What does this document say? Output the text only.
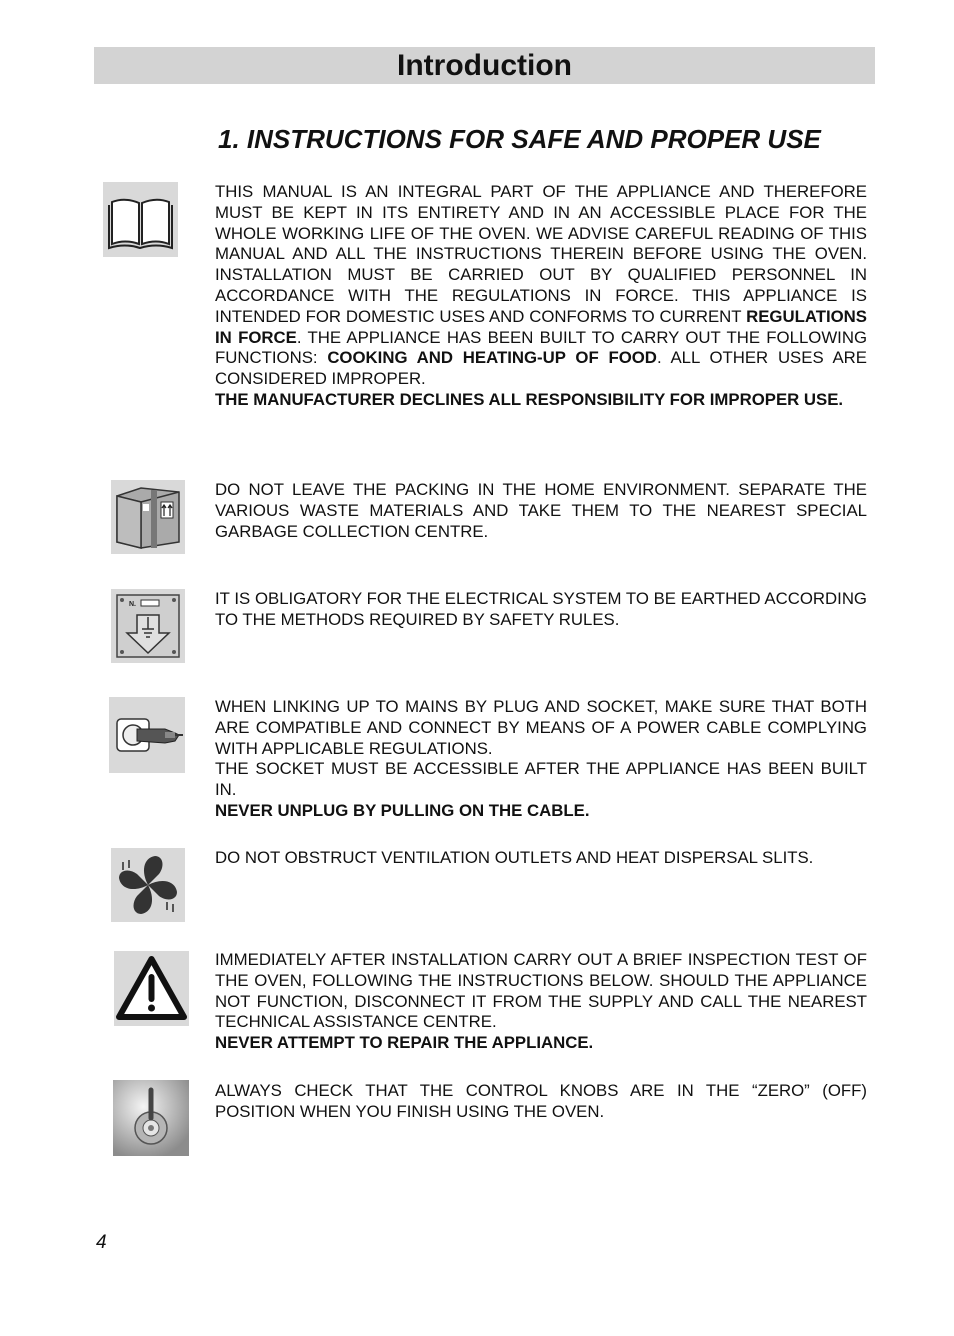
Introduction
1. INSTRUCTIONS FOR SAFE AND PROPER USE

THIS MANUAL IS AN INTEGRAL PART OF THE APPLIANCE AND THEREFORE MUST BE KEPT IN ITS ENTIRETY AND IN AN ACCESSIBLE PLACE FOR THE WHOLE WORKING LIFE OF THE OVEN. WE ADVISE CAREFUL READING OF THIS MANUAL AND ALL THE INSTRUCTIONS THEREIN BEFORE USING THE OVEN. INSTALLATION MUST BE CARRIED OUT BY QUALIFIED PERSONNEL IN ACCORDANCE WITH THE REGULATIONS IN FORCE. THIS APPLIANCE IS INTENDED FOR DOMESTIC USES AND CONFORMS TO CURRENT REGULATIONS IN FORCE. THE APPLIANCE HAS BEEN BUILT TO CARRY OUT THE FOLLOWING FUNCTIONS: COOKING AND HEATING-UP OF FOOD. ALL OTHER USES ARE CONSIDERED IMPROPER.

THE MANUFACTURER DECLINES ALL RESPONSIBILITY FOR IMPROPER USE.

DO NOT LEAVE THE PACKING IN THE HOME ENVIRONMENT. SEPARATE THE VARIOUS WASTE MATERIALS AND TAKE THEM TO THE NEAREST SPECIAL GARBAGE COLLECTION CENTRE.

N.	IT IS OBLIGATORY FOR THE ELECTRICAL SYSTEM TO BE EARTHED ACCORDING TO THE METHODS REQUIRED BY SAFETY RULES.

WHEN LINKING UP TO MAINS BY PLUG AND SOCKET, MAKE SURE THAT BOTH ARE COMPATIBLE AND CONNECT BY MEANS OF A POWER CABLE COMPLYING WITH APPLICABLE REGULATIONS.

THE SOCKET MUST BE ACCESSIBLE AFTER THE APPLIANCE HAS BEEN BUILT IN.

NEVER UNPLUG BY PULLING ON THE CABLE.

DO NOT OBSTRUCT VENTILATION OUTLETS AND HEAT DISPERSAL SLITS.

IMMEDIATELY AFTER INSTALLATION CARRY OUT A BRIEF INSPECTION TEST OF THE OVEN, FOLLOWING THE INSTRUCTIONS BELOW. SHOULD THE APPLIANCE NOT FUNCTION, DISCONNECT IT FROM THE SUPPLY AND CALL THE NEAREST TECHNICAL ASSISTANCE CENTRE.

NEVER ATTEMPT TO REPAIR THE APPLIANCE.

ALWAYS CHECK THAT THE CONTROL KNOBS ARE IN THE “ZERO” (OFF) POSITION WHEN YOU FINISH USING THE OVEN.

4
